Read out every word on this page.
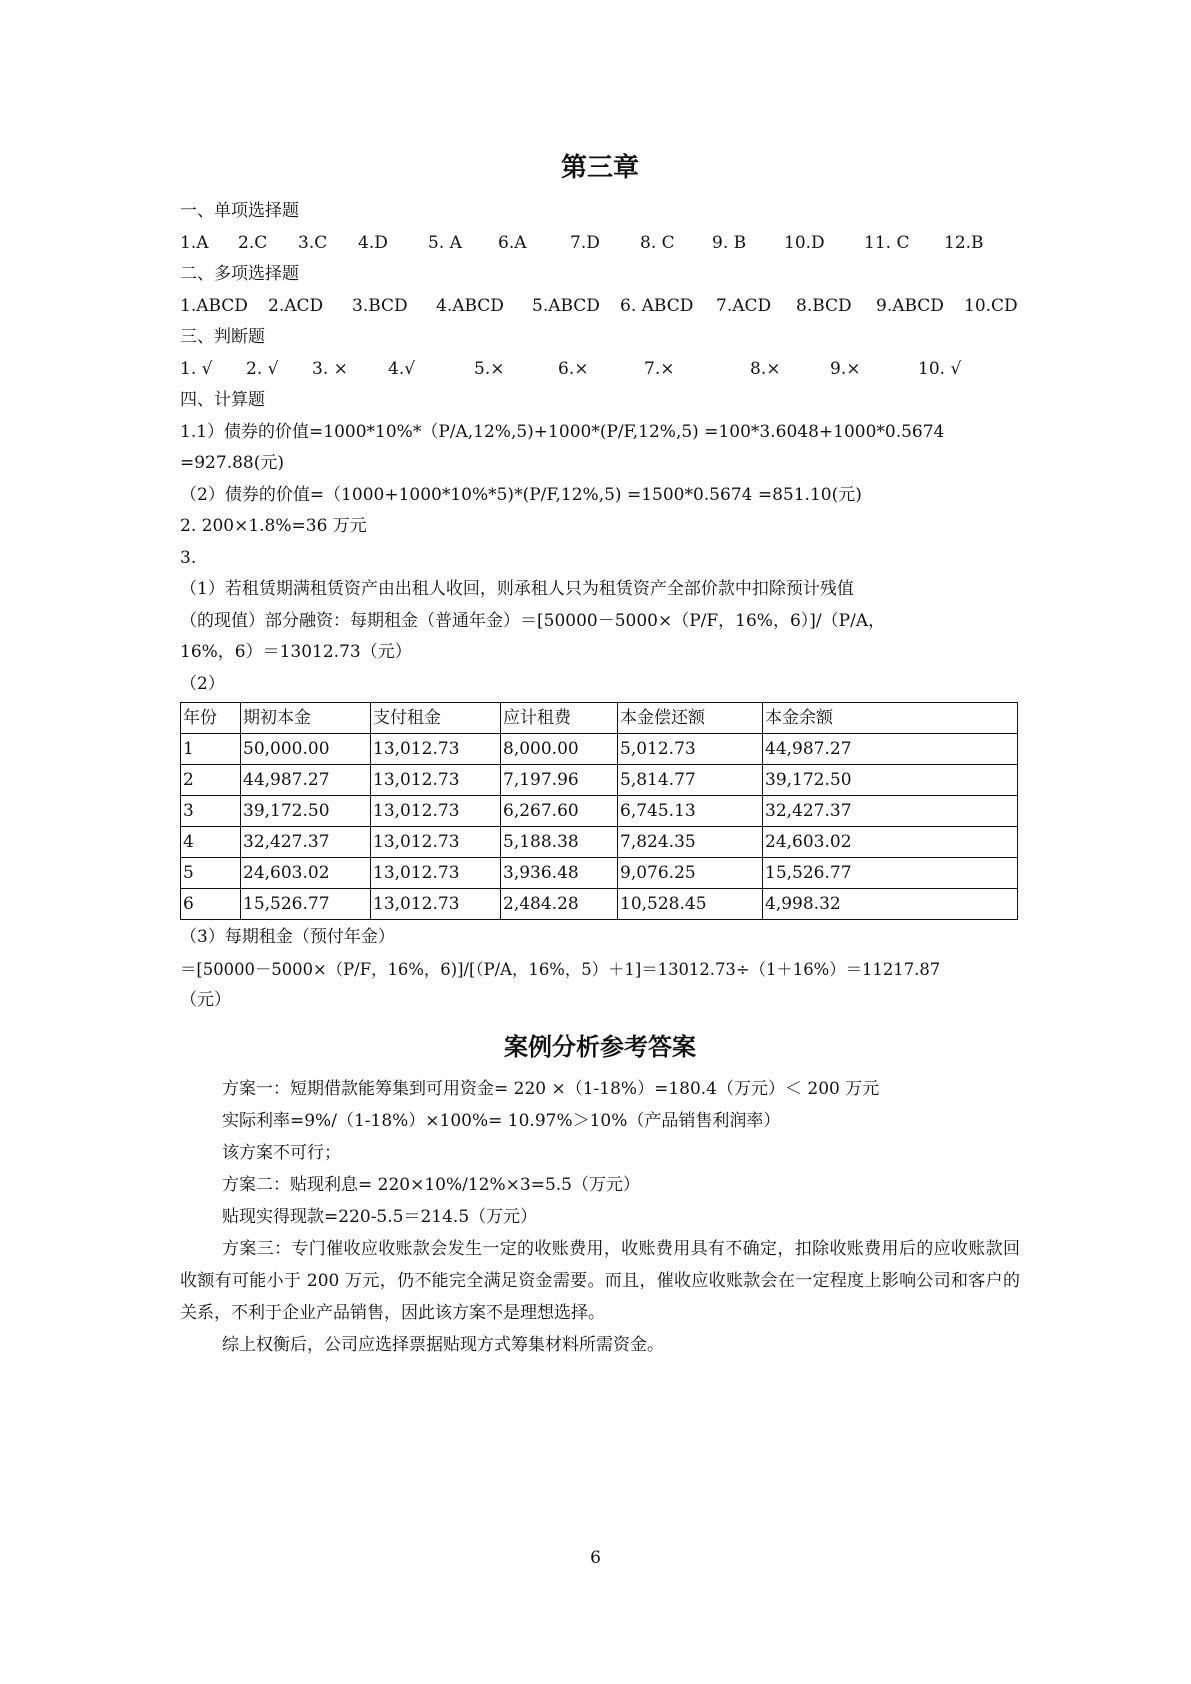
第三章
一、单项选择题
1.A	2.C	3.C	4.D	5. A	6.A	7.D	8. C	9. B	10.D	11. C	12.B
二、多项选择题
1.ABCD	2.ACD	3.BCD	4.ABCD	5.ABCD	6. ABCD	7.ACD	8.BCD	9.ABCD	10.CD
三、判断题
1. √	2. √	3. ×	4.√	5.×	6.×	7.×	8.×	9.×	10. √
四、计算题
1.1）债券的价值=1000*10%*（P/A,12%,5)+1000*(P/F,12%,5) =100*3.6048+1000*0.5674
=927.88(元)
（2）债券的价值=（1000+1000*10%*5)*(P/F,12%,5) =1500*0.5674 =851.10(元)
2. 200×1.8%=36 万元
3.
（1）若租赁期满租赁资产由出租人收回，则承租人只为租赁资产全部价款中扣除预计残值
（的现值）部分融资：每期租金（普通年金）＝[50000－5000×（P/F，16%，6）]/（P/A，
16%，6）＝13012.73（元）
（2）
年份	期初本金	支付租金	应计租费	本金偿还额	本金余额
1	50,000.00	13,012.73	8,000.00	5,012.73	44,987.27
2	44,987.27	13,012.73	7,197.96	5,814.77	39,172.50
3	39,172.50	13,012.73	6,267.60	6,745.13	32,427.37
4	32,427.37	13,012.73	5,188.38	7,824.35	24,603.02
5	24,603.02	13,012.73	3,936.48	9,076.25	15,526.77
6	15,526.77	13,012.73	2,484.28	10,528.45	4,998.32
（3）每期租金（预付年金）
＝[50000－5000×（P/F，16%，6)]/[（P/A，16%，5）＋1]＝13012.73÷（1＋16%）＝11217.87
（元）
案例分析参考答案
方案一：短期借款能筹集到可用资金= 220 ×（1-18%）=180.4（万元）＜ 200 万元
实际利率=9%/（1-18%）×100%= 10.97%＞10%（产品销售利润率）
该方案不可行；
方案二：贴现利息= 220×10%/12%×3=5.5（万元）
贴现实得现款=220-5.5＝214.5（万元）

方案三：专门催收应收账款会发生一定的收账费用，收账费用具有不确定，扣除收账费用后的应收账款回收额有可能小于 200 万元，仍不能完全满足资金需要。而且，催收应收账款会在一定程度上影响公司和客户的关系，不利于企业产品销售，因此该方案不是理想选择。

综上权衡后，公司应选择票据贴现方式筹集材料所需资金。

6
